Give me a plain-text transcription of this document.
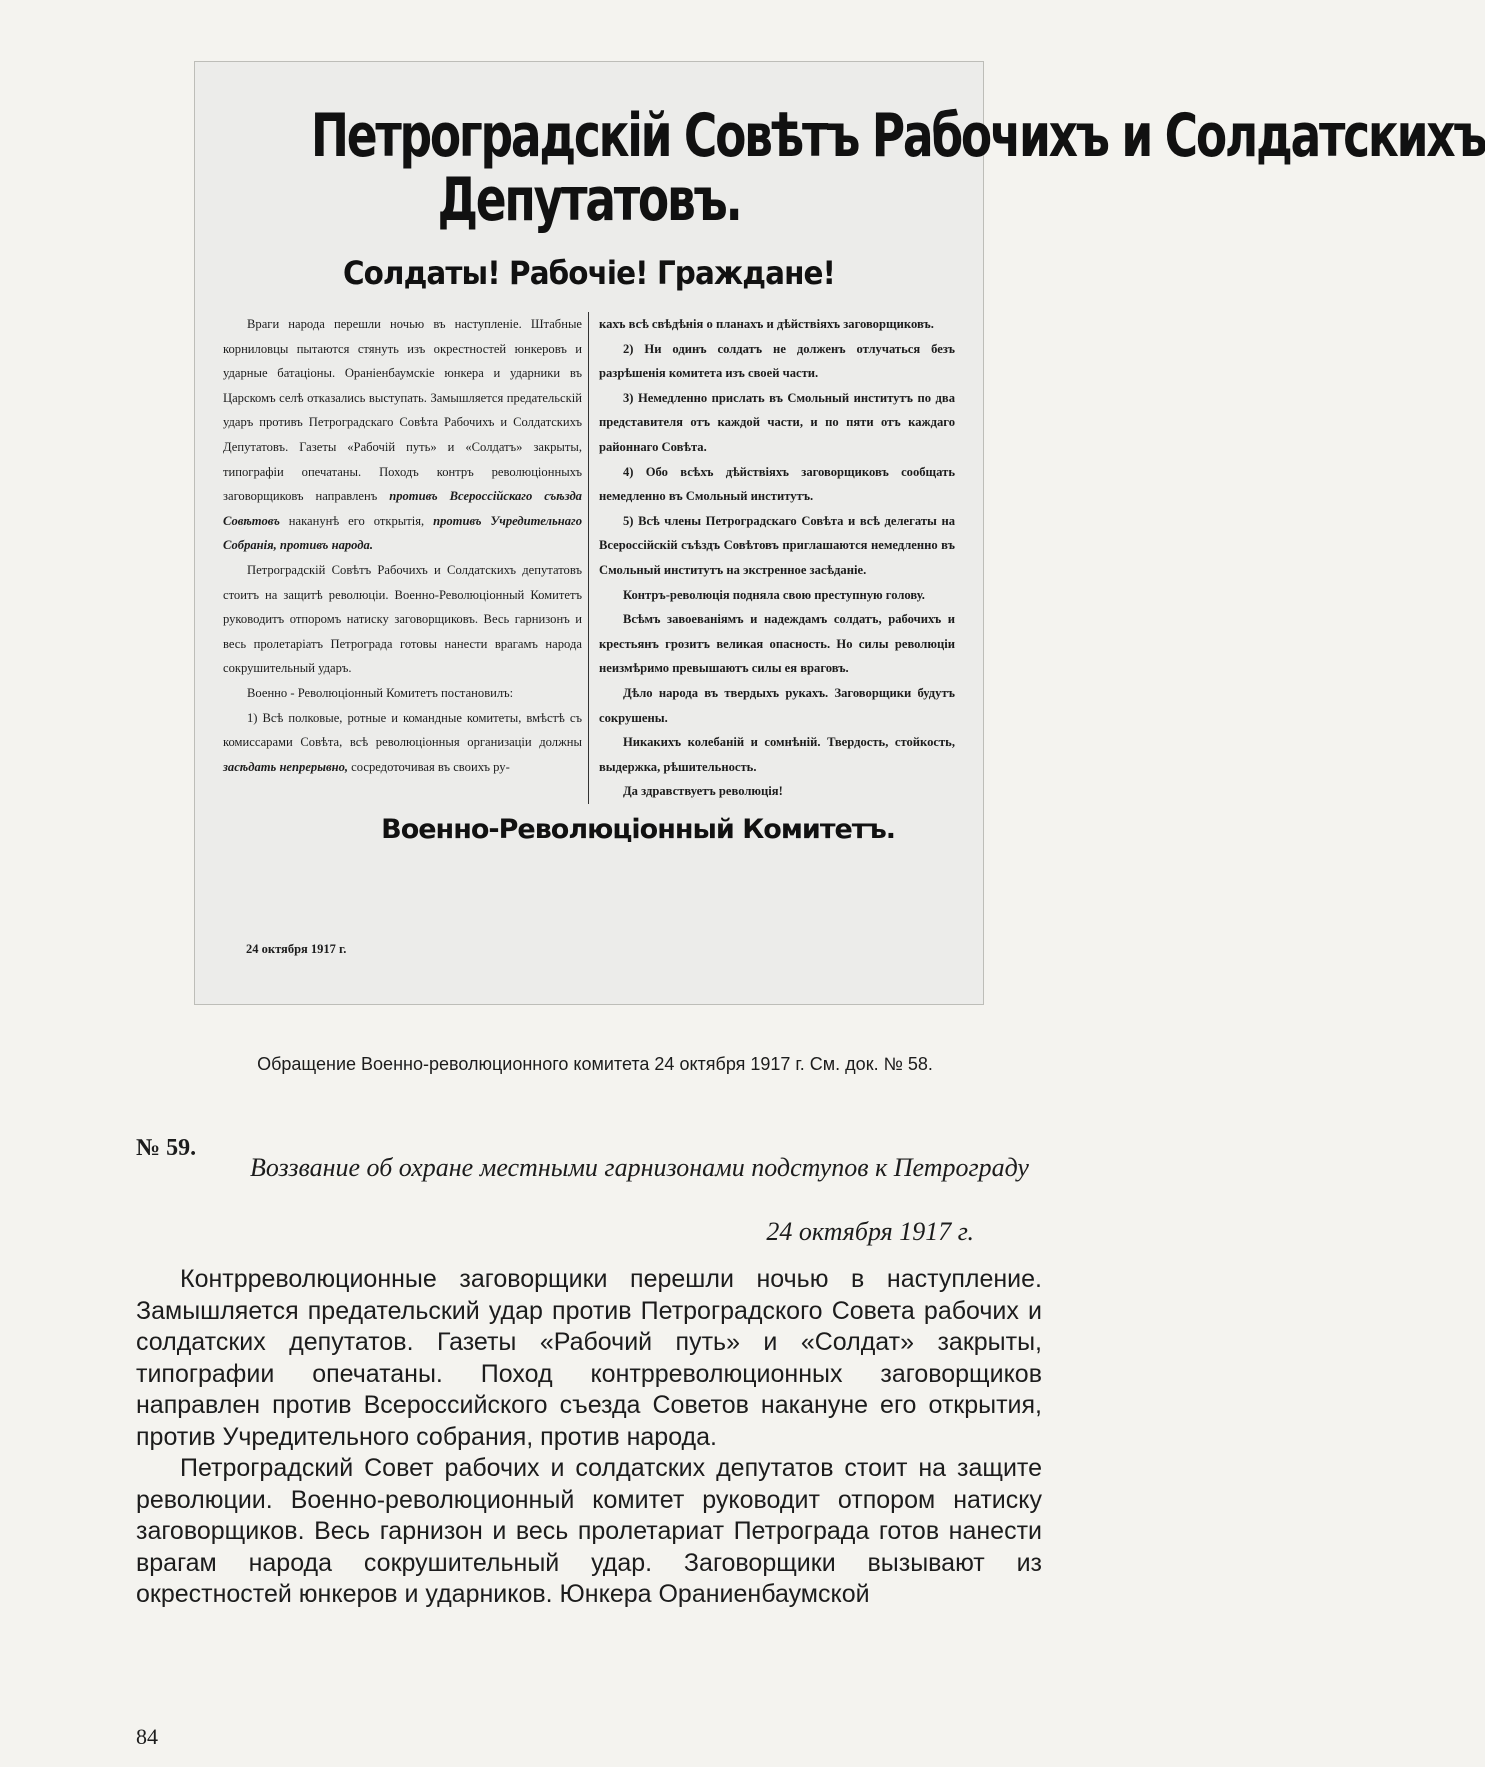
Петроградскій Совѣтъ Рабочихъ и Солдатскихъ
Депутатовъ.
Солдаты! Рабочіе! Граждане!

Враги народа перешли ночью въ наступленіе. Штабные корниловцы пытаются стянуть изъ окрестностей юнкеровъ и ударные батаціоны. Ораніенбаумскіе юнкера и ударники въ Царскомъ селѣ отказались выступать. Замышляется предательскій ударъ противъ Петроградскаго Совѣта Рабочихъ и Солдатскихъ Депутатовъ. Газеты «Рабочій путь» и «Солдатъ» закрыты, типографіи опечатаны. Походъ контръ революціонныхъ заговорщиковъ направленъ противъ Всероссійскаго съѣзда Совѣтовъ наканунѣ его открытія, противъ Учредительнаго Собранія, противъ народа.

Петроградскій Совѣтъ Рабочихъ и Солдатскихъ депутатовъ стоитъ на защитѣ революціи. Военно-Революціонный Комитетъ руководитъ отпоромъ натиску заговорщиковъ. Весь гарнизонъ и весь пролетаріатъ Петрограда готовы нанести врагамъ народа сокрушительный ударъ.

Военно - Революціонный Комитетъ постановилъ:

1) Всѣ полковые, ротные и командные комитеты, вмѣстѣ съ комиссарами Совѣта, всѣ революціонныя организаціи должны засѣдать непрерывно, сосредоточивая въ своихъ ру-

кахъ всѣ свѣдѣнія о планахъ и дѣйствіяхъ заговорщиковъ.

2) Ни одинъ солдатъ не долженъ отлучаться безъ разрѣшенія комитета изъ своей части.

3) Немедленно прислать въ Смольный институтъ по два представителя отъ каждой части, и по пяти отъ каждаго районнаго Совѣта.

4) Обо всѣхъ дѣйствіяхъ заговорщиковъ сообщать немедленно въ Смольный институтъ.

5) Всѣ члены Петроградскаго Совѣта и всѣ делегаты на Всероссійскій съѣздъ Совѣтовъ приглашаются немедленно въ Смольный институтъ на экстренное засѣданіе.

Контръ-революція подняла свою преступную голову.

Всѣмъ завоеваніямъ и надеждамъ солдатъ, рабочихъ и крестьянъ грозитъ великая опасность. Но силы революціи неизмѣримо превышаютъ силы ея враговъ.

Дѣло народа въ твердыхъ рукахъ. Заговорщики будутъ сокрушены.

Никакихъ колебаній и сомнѣній. Твердость, стойкость, выдержка, рѣшительность.

Да здравствуетъ революція!

Военно-Революціонный Комитетъ.
24 октября 1917 г.
Обращение Военно-революционного комитета 24 октября 1917 г. См. док. № 58.
№ 59.
Воззвание об охране местными гарнизонами подступов к Петрограду
24 октября 1917 г.

Контрреволюционные заговорщики перешли ночью в наступление. Замышляется предательский удар против Петроградского Совета рабочих и солдатских депутатов. Газеты «Рабочий путь» и «Солдат» закрыты, типографии опечатаны. Поход контрреволюционных заговорщиков направлен против Всероссийского съезда Советов накануне его открытия, против Учредительного собрания, против народа.

Петроградский Совет рабочих и солдатских депутатов стоит на защите революции. Военно-революционный комитет руководит отпором натиску заговорщиков. Весь гарнизон и весь пролетариат Петрограда готов нанести врагам народа сокрушительный удар. Заговорщики вызывают из окрестностей юнкеров и ударников. Юнкера Ораниенбаумской

84
